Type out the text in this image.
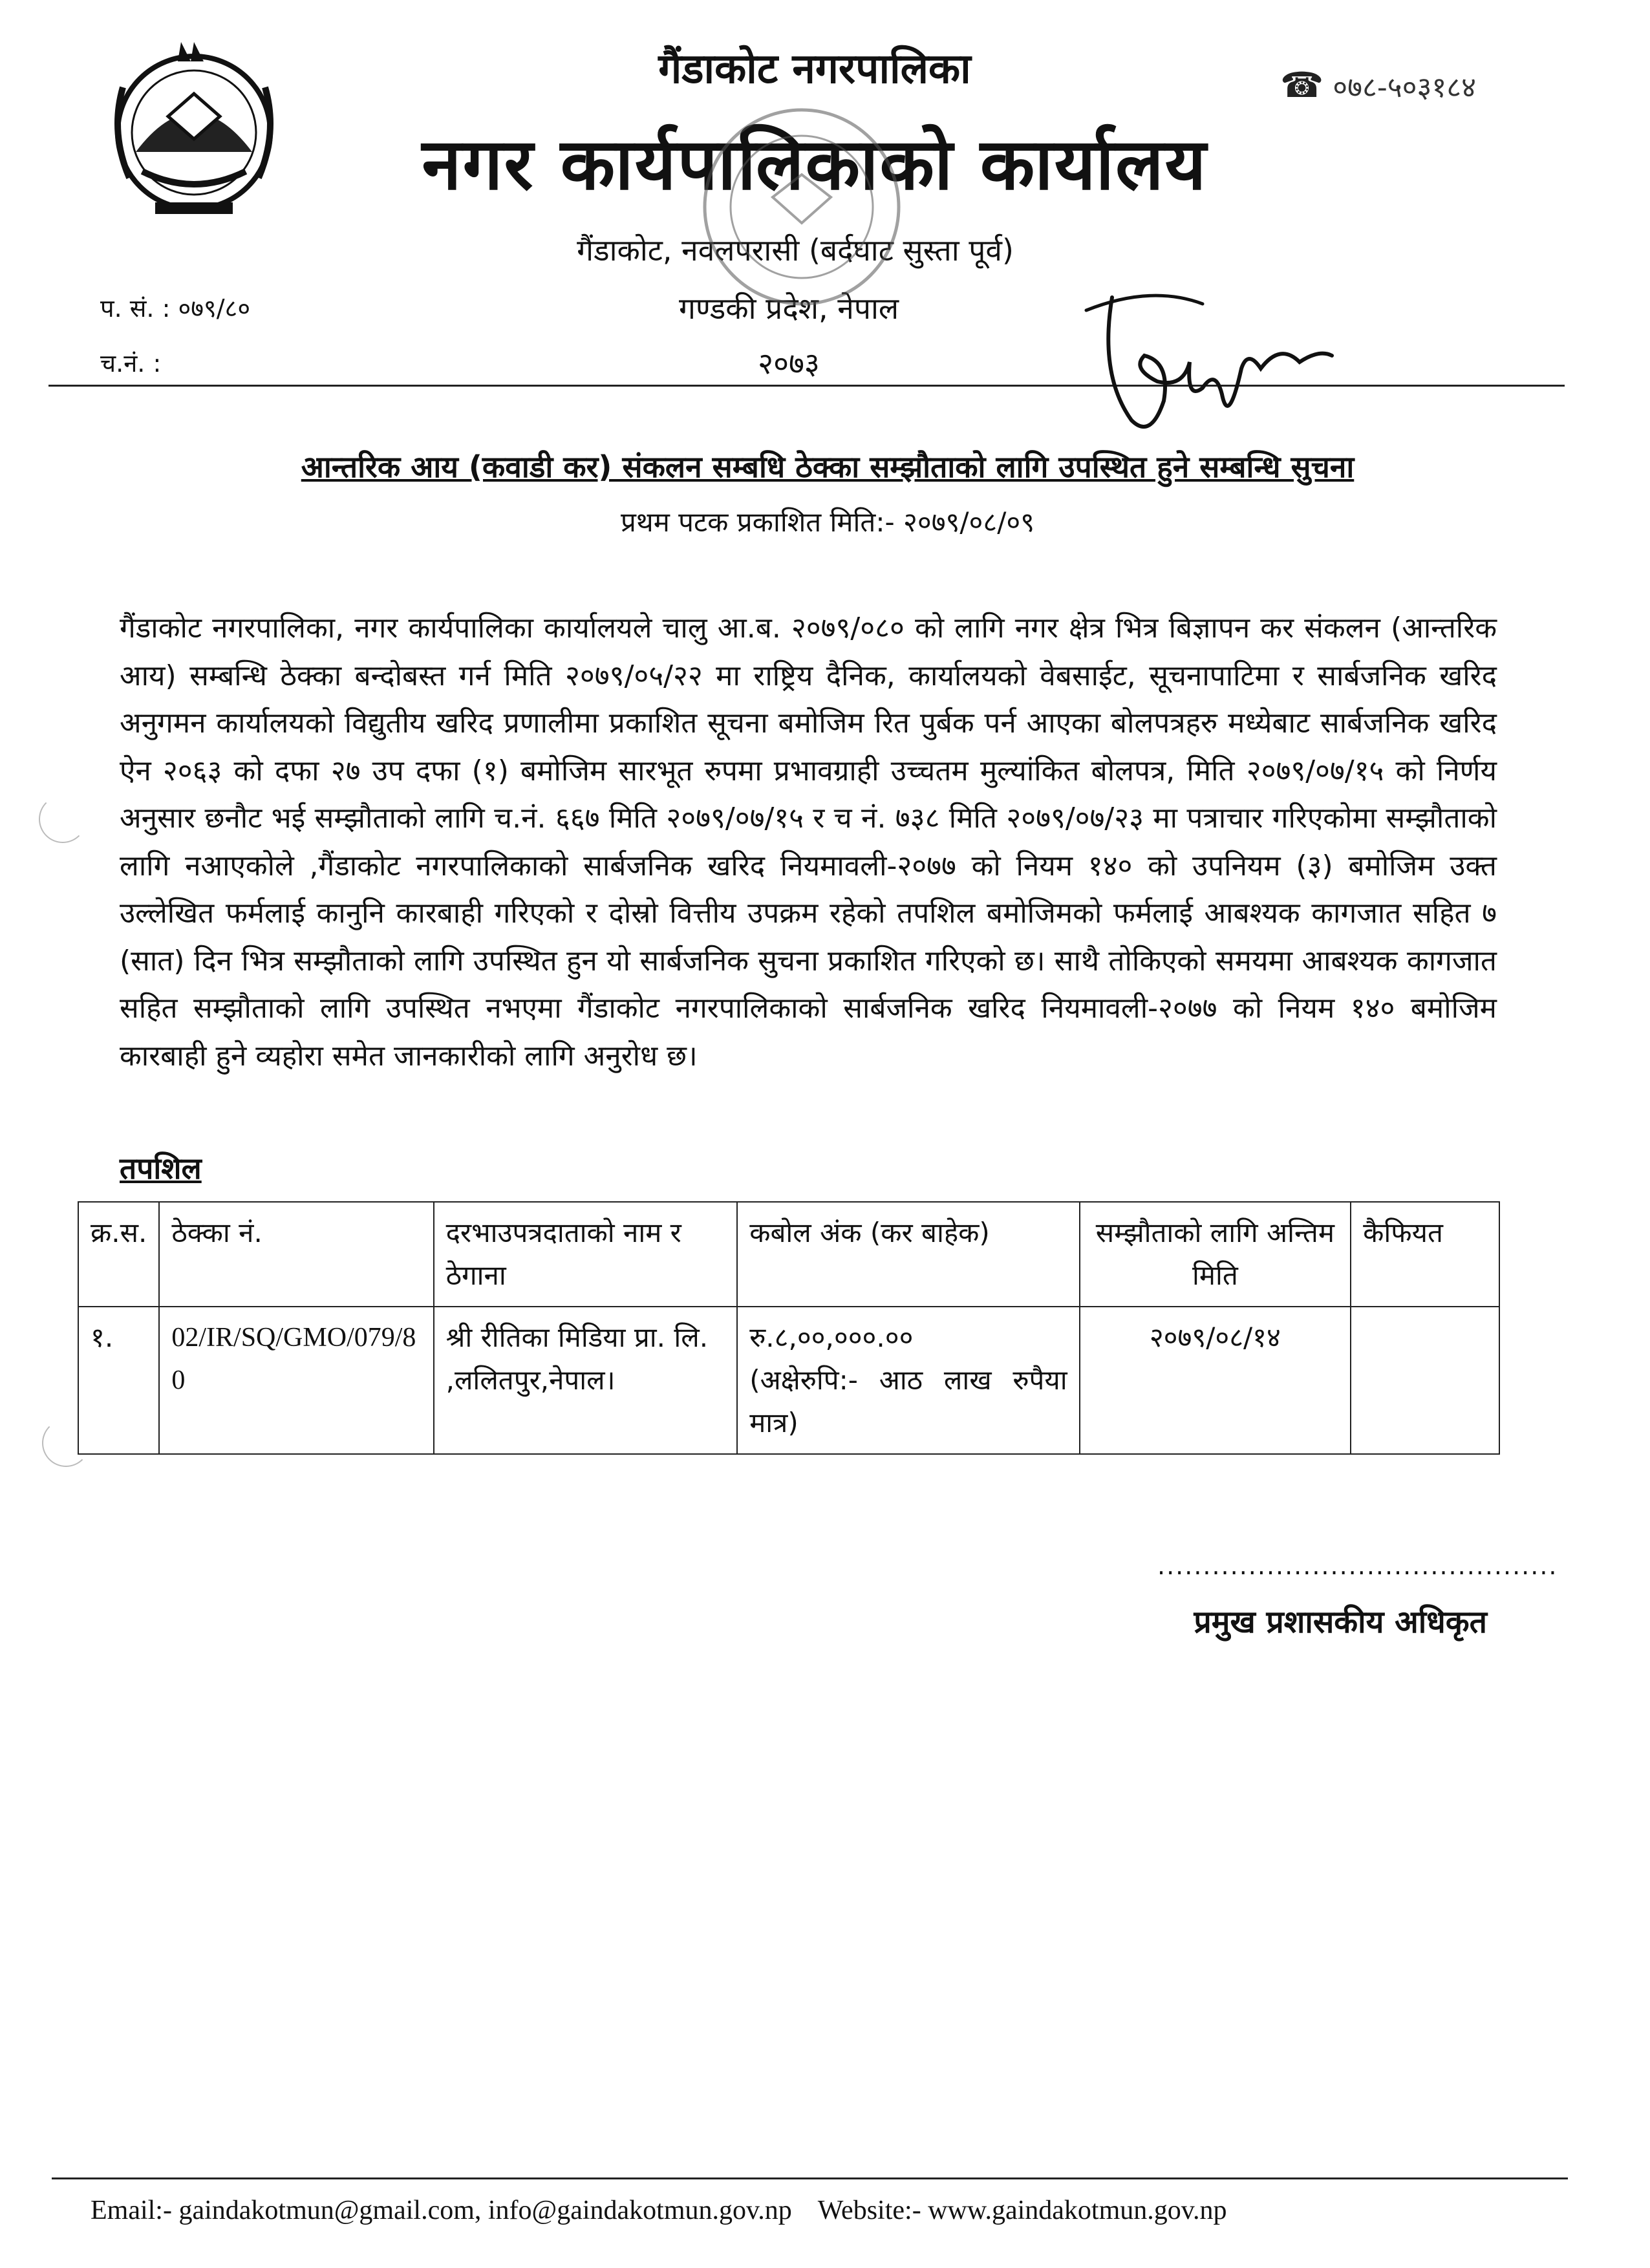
गैंडाकोट नगरपालिका
नगर कार्यपालिकाको कार्यालय
गैंडाकोट, नवलपरासी (बर्दघाट सुस्ता पूर्व)
गण्डकी प्रदेश, नेपाल
२०७३
☎ ०७८-५०३१८४
प. सं. : ०७९/८०
च.नं. :
आन्तरिक आय (कवाडी कर) संकलन सम्बधि ठेक्का सम्झौताको लागि उपस्थित हुने सम्बन्धि सुचना
प्रथम पटक प्रकाशित मिति:- २०७९/०८/०९
गैंडाकोट नगरपालिका, नगर कार्यपालिका कार्यालयले चालु आ.ब. २०७९/०८० को लागि नगर क्षेत्र भित्र बिज्ञापन कर संकलन (आन्तरिक आय) सम्बन्धि ठेक्का बन्दोबस्त गर्न मिति २०७९/०५/२२ मा राष्ट्रिय दैनिक, कार्यालयको वेबसाईट, सूचनापाटिमा र सार्बजनिक खरिद अनुगमन कार्यालयको विद्युतीय खरिद प्रणालीमा प्रकाशित सूचना बमोजिम रित पुर्बक पर्न आएका बोलपत्रहरु मध्येबाट सार्बजनिक खरिद ऐन २०६३ को दफा २७ उप दफा (१) बमोजिम सारभूत रुपमा प्रभावग्राही उच्चतम मुल्यांकित बोलपत्र, मिति २०७९/०७/१५ को निर्णय अनुसार छनौट भई सम्झौताको लागि च.नं. ६६७ मिति २०७९/०७/१५ र च नं. ७३८ मिति २०७९/०७/२३ मा पत्राचार गरिएकोमा सम्झौताको लागि नआएकोले ,गैंडाकोट नगरपालिकाको सार्बजनिक खरिद नियमावली-२०७७ को नियम १४० को उपनियम (३) बमोजिम उक्त उल्लेखित फर्मलाई कानुनि कारबाही गरिएको र दोस्रो वित्तीय उपक्रम रहेको तपशिल बमोजिमको फर्मलाई आबश्यक कागजात सहित ७ (सात) दिन भित्र सम्झौताको लागि उपस्थित हुन यो सार्बजनिक सुचना प्रकाशित गरिएको छ। साथै तोकिएको समयमा आबश्यक कागजात सहित सम्झौताको लागि उपस्थित नभएमा गैंडाकोट नगरपालिकाको सार्बजनिक खरिद नियमावली-२०७७ को नियम १४० बमोजिम कारबाही हुने व्यहोरा समेत जानकारीको लागि अनुरोध छ।
तपशिल
क्र.स.	ठेक्का नं.	दरभाउपत्रदाताको नाम र ठेगाना	कबोल अंक (कर बाहेक)	सम्झौताको लागि अन्तिम मिति	कैफियत
१.	02/IR/SQ/GMO/079/80	श्री रीतिका मिडिया प्रा. लि. ,ललितपुर,नेपाल।	रु.८,००,०००.००
(अक्षेरुपि:- आठ लाख रुपैया मात्र)	२०७९/०८/१४	
............................................
प्रमुख प्रशासकीय अधिकृत
Email:- gaindakotmun@gmail.com, info@gaindakotmun.gov.np Website:- www.gaindakotmun.gov.np
